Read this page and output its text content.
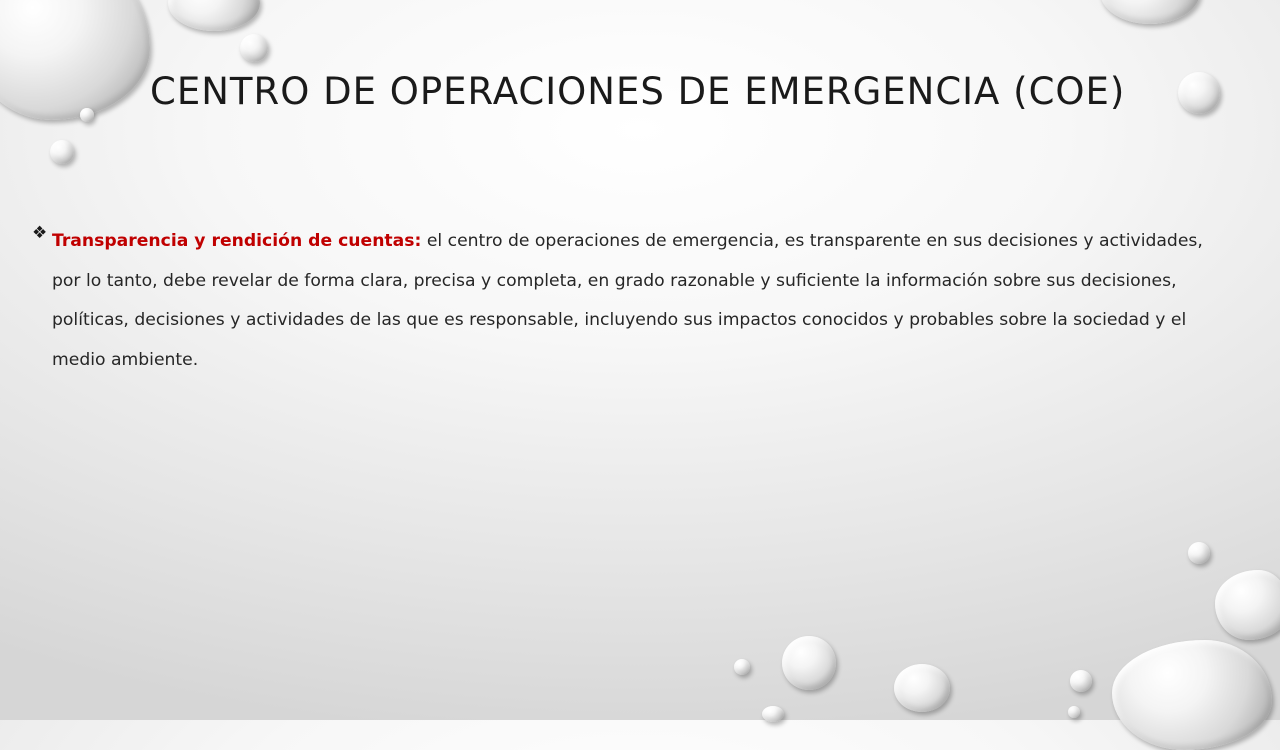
CENTRO DE OPERACIONES DE EMERGENCIA (COE)
❖ Transparencia y rendición de cuentas: el centro de operaciones de emergencia, es transparente en sus decisiones y actividades, por lo tanto, debe revelar de forma clara, precisa y completa, en grado razonable y suficiente la información sobre sus decisiones, políticas, decisiones y actividades de las que es responsable, incluyendo sus impactos conocidos y probables sobre la sociedad y el medio ambiente.
